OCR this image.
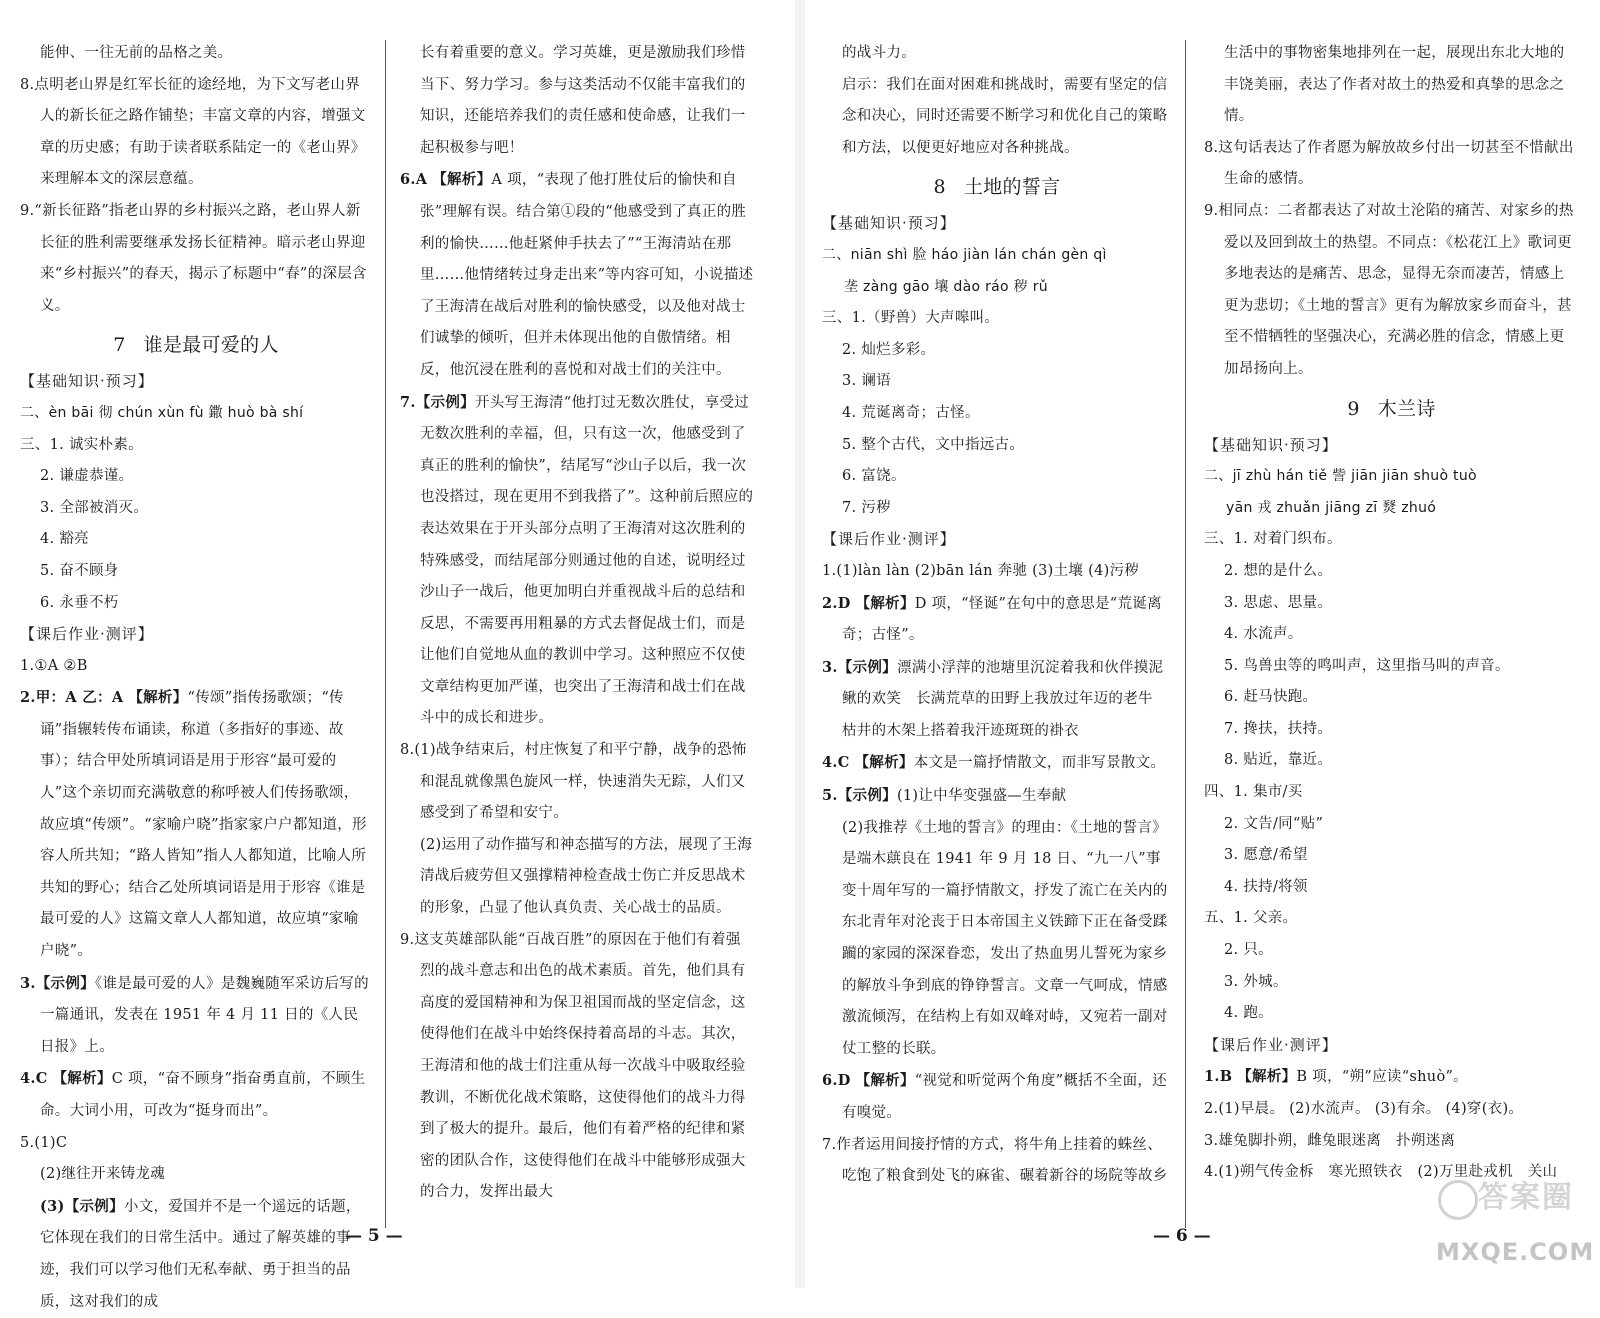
能伸、一往无前的品格之美。

8.点明老山界是红军长征的途经地，为下文写老山界人的新长征之路作铺垫；丰富文章的内容，增强文章的历史感；有助于读者联系陆定一的《老山界》来理解本文的深层意蕴。

9.“新长征路”指老山界的乡村振兴之路，老山界人新长征的胜利需要继承发扬长征精神。暗示老山界迎来“乡村振兴”的春天，揭示了标题中“春”的深层含义。

7 谁是最可爱的人

【基础知识·预习】

二、èn bāi 彻 chún xùn fù 鏾 huò bà shí

三、1. 诚实朴素。

2. 谦虚恭谨。

3. 全部被消灭。

4. 豁亮

5. 奋不顾身

6. 永垂不朽

【课后作业·测评】

1.①A ②B

2.甲：A 乙：A 【解析】“传颂”指传扬歌颂；“传诵”指辗转传布诵读，称道（多指好的事迹、故事）；结合甲处所填词语是用于形容“最可爱的人”这个亲切而充满敬意的称呼被人们传扬歌颂，故应填“传颂”。“家喻户晓”指家家户户都知道，形容人所共知；“路人皆知”指人人都知道，比喻人所共知的野心；结合乙处所填词语是用于形容《谁是最可爱的人》这篇文章人人都知道，故应填“家喻户晓”。

3.【示例】《谁是最可爱的人》是魏巍随军采访后写的一篇通讯，发表在 1951 年 4 月 11 日的《人民日报》上。

4.C 【解析】C 项，“奋不顾身”指奋勇直前，不顾生命。大词小用，可改为“挺身而出”。

5.(1)C

(2)继往开来铸龙魂

(3)【示例】小文，爱国并不是一个遥远的话题，它体现在我们的日常生活中。通过了解英雄的事迹，我们可以学习他们无私奉献、勇于担当的品质，这对我们的成

长有着重要的意义。学习英雄，更是激励我们珍惜当下、努力学习。参与这类活动不仅能丰富我们的知识，还能培养我们的责任感和使命感，让我们一起积极参与吧！

6.A 【解析】A 项，“表现了他打胜仗后的愉快和自张”理解有误。结合第①段的“他感受到了真正的胜利的愉快……他赶紧伸手扶去了”“王海清站在那里……他情绪转过身走出来”等内容可知，小说描述了王海清在战后对胜利的愉快感受，以及他对战士们诚挚的倾听，但并未体现出他的自傲情绪。相反，他沉浸在胜利的喜悦和对战士们的关注中。

7.【示例】开头写王海清“他打过无数次胜仗，享受过无数次胜利的幸福，但，只有这一次，他感受到了真正的胜利的愉快”，结尾写“沙山子以后，我一次也没搭过，现在更用不到我搭了”。这种前后照应的表达效果在于开头部分点明了王海清对这次胜利的特殊感受，而结尾部分则通过他的自述，说明经过沙山子一战后，他更加明白并重视战斗后的总结和反思，不需要再用粗暴的方式去督促战士们，而是让他们自觉地从血的教训中学习。这种照应不仅使文章结构更加严谨，也突出了王海清和战士们在战斗中的成长和进步。

8.(1)战争结束后，村庄恢复了和平宁静，战争的恐怖和混乱就像黑色旋风一样，快速消失无踪，人们又感受到了希望和安宁。

(2)运用了动作描写和神态描写的方法，展现了王海清战后疲劳但又强撑精神检查战士伤亡并反思战术的形象，凸显了他认真负责、关心战士的品质。

9.这支英雄部队能“百战百胜”的原因在于他们有着强烈的战斗意志和出色的战术素质。首先，他们具有高度的爱国精神和为保卫祖国而战的坚定信念，这使得他们在战斗中始终保持着高昂的斗志。其次，王海清和他的战士们注重从每一次战斗中吸取经验教训，不断优化战术策略，这使得他们的战斗力得到了极大的提升。最后，他们有着严格的纪律和紧密的团队合作，这使得他们在战斗中能够形成强大的合力，发挥出最大

的战斗力。

启示：我们在面对困难和挑战时，需要有坚定的信念和决心，同时还需要不断学习和优化自己的策略和方法，以便更好地应对各种挑战。

8 土地的誓言

【基础知识·预习】

二、niān shì 脸 háo jiàn lán chán gèn qì

垄 zàng gāo 壤 dào ráo 秽 rǔ

三、1.（野兽）大声嗥叫。

2. 灿烂多彩。

3. 谰语

4. 荒诞离奇；古怪。

5. 整个古代，文中指远古。

6. 富饶。

7. 污秽

【课后作业·测评】

1.(1)làn làn (2)bān lán 奔驰 (3)土壤 (4)污秽

2.D 【解析】D 项，“怪诞”在句中的意思是“荒诞离奇；古怪”。

3.【示例】漂满小浮萍的池塘里沉淀着我和伙伴摸泥鳅的欢笑　长满荒草的田野上我放过年迈的老牛　枯井的木架上搭着我汗迹斑斑的褂衣

4.C 【解析】本文是一篇抒情散文，而非写景散文。

5.【示例】(1)让中华变强盛—生奉献

(2)我推荐《土地的誓言》的理由：《土地的誓言》是端木蕻良在 1941 年 9 月 18 日、“九一八”事变十周年写的一篇抒情散文，抒发了流亡在关内的东北青年对沦丧于日本帝国主义铁蹄下正在备受蹂躏的家园的深深眷恋，发出了热血男儿誓死为家乡的解放斗争到底的铮铮誓言。文章一气呵成，情感激流倾泻，在结构上有如双峰对峙，又宛若一副对仗工整的长联。

6.D 【解析】“视觉和听觉两个角度”概括不全面，还有嗅觉。

7.作者运用间接抒情的方式，将牛角上挂着的蛛丝、吃饱了粮食到处飞的麻雀、碾着新谷的场院等故乡

生活中的事物密集地排列在一起，展现出东北大地的丰饶美丽，表达了作者对故土的热爱和真挚的思念之情。

8.这句话表达了作者愿为解放故乡付出一切甚至不惜献出生命的感情。

9.相同点：二者都表达了对故土沦陷的痛苦、对家乡的热爱以及回到故土的热望。不同点：《松花江上》歌词更多地表达的是痛苦、思念，显得无奈而凄苦，情感上更为悲切；《土地的誓言》更有为解放家乡而奋斗，甚至不惜牺牲的坚强决心，充满必胜的信念，情感上更加昂扬向上。

9 木兰诗

【基础知识·预习】

二、jī zhù hán tiě 訾 jiān jiān shuò tuò

yān 戎 zhuǎn jiāng zī 燹 zhuó

三、1. 对着门织布。

2. 想的是什么。

3. 思虑、思量。

4. 水流声。

5. 鸟兽虫等的鸣叫声，这里指马叫的声音。

6. 赶马快跑。

7. 搀扶，扶持。

8. 贴近，靠近。

四、1. 集市/买

2. 文告/同“贴”

3. 愿意/希望

4. 扶持/将领

五、1. 父亲。

2. 只。

3. 外城。

4. 跑。

【课后作业·测评】

1.B 【解析】B 项，“朔”应读“shuò”。

2.(1)早晨。 (2)水流声。 (3)有余。 (4)穿(衣)。

3.雄兔脚扑朔，雌兔眼迷离　扑朔迷离

4.(1)朔气传金柝　寒光照铁衣　(2)万里赴戎机　关山

— 5 —	— 6 —
答案圈
MXQE.COM
